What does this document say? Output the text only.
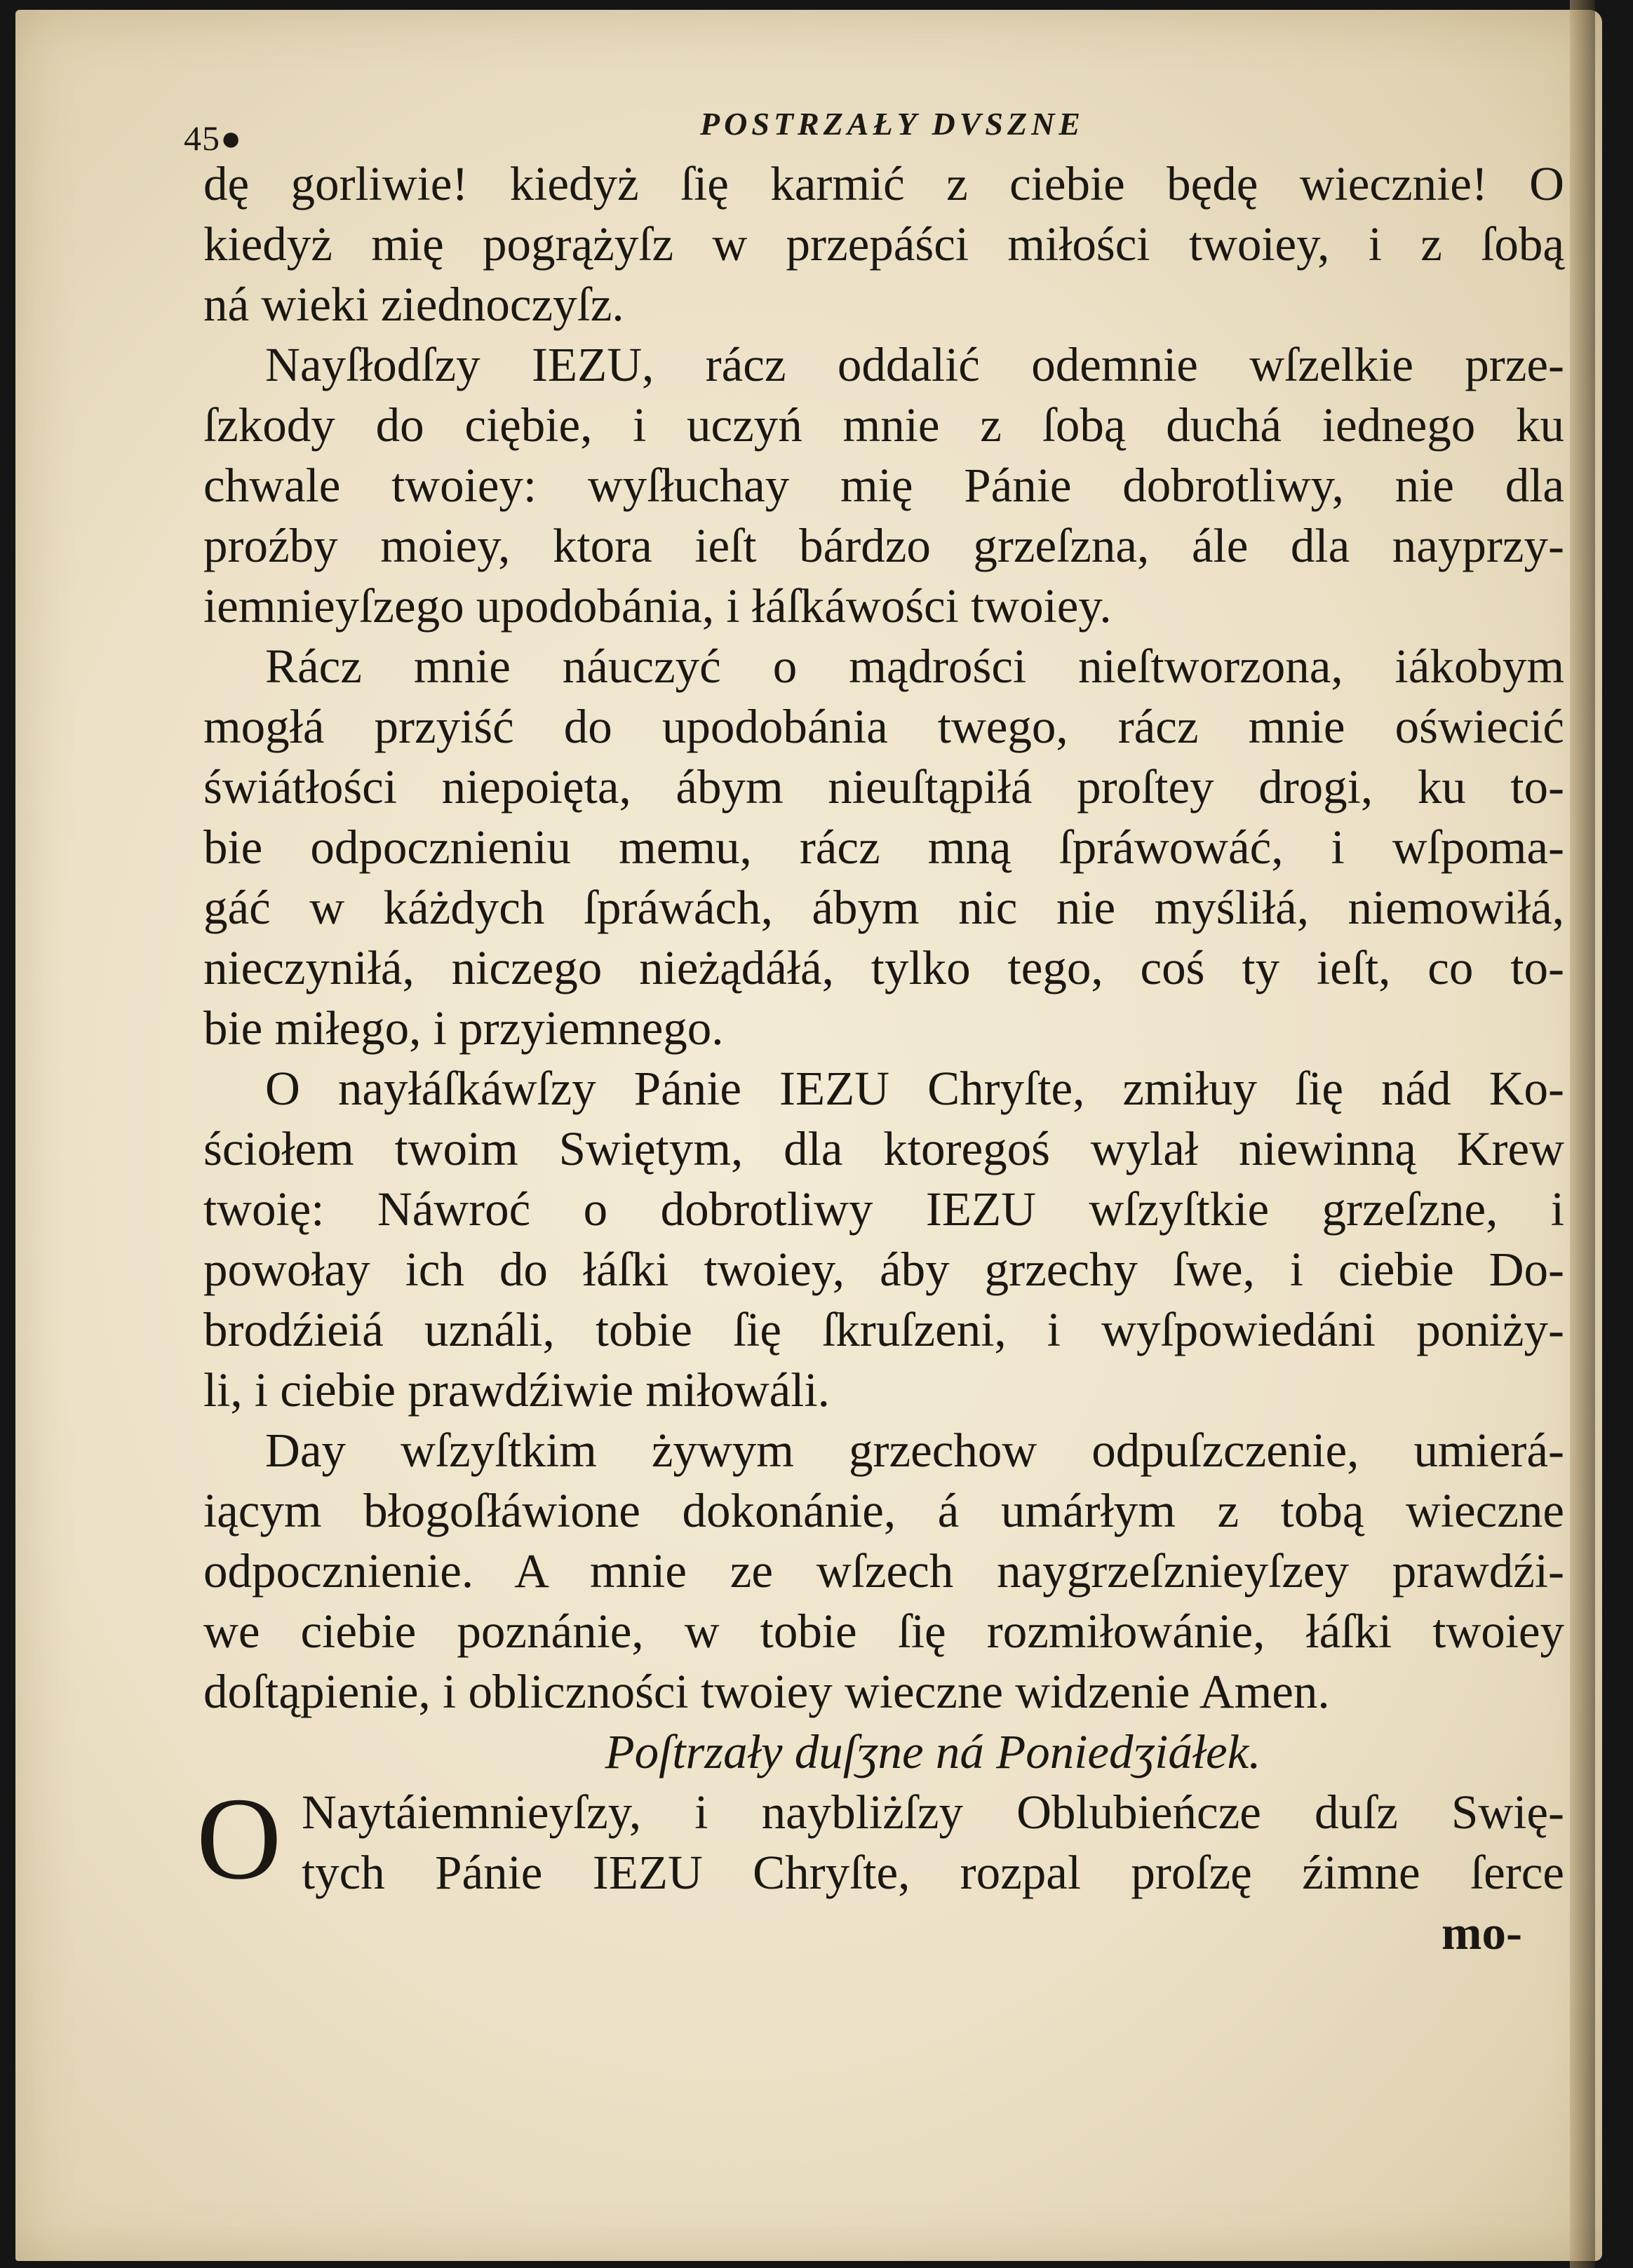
45●	POSTRZAŁY DVSZNE
dę gorliwie! kiedyż ſię karmić z ciebie będę wiecznie! O
kiedyż mię pogrążyſz w przepáści miłości twoiey, i z ſobą
ná wieki ziednoczyſz.
Nayſłodſzy IEZU, rácz oddalić odemnie wſzelkie prze-
ſzkody do ciębie, i uczyń mnie z ſobą duchá iednego ku
chwale twoiey: wyſłuchay mię Pánie dobrotliwy, nie dla
proźby moiey, ktora ieſt bárdzo grzeſzna, ále dla nayprzy-
iemnieyſzego upodobánia, i łáſkáwości twoiey.
Rácz mnie náuczyć o mądrości nieſtworzona, iákobym
mogłá przyiść do upodobánia twego, rácz mnie oświecić
świátłości niepoięta, ábym nieuſtąpiłá proſtey drogi, ku to-
bie odpocznieniu memu, rácz mną ſpráwowáć, i wſpoma-
gáć w káżdych ſpráwách, ábym nic nie myśliłá, niemowiłá,
nieczyniłá, niczego nieżądáłá, tylko tego, coś ty ieſt, co to-
bie miłego, i przyiemnego.
O nayłáſkáwſzy Pánie IEZU Chryſte, zmiłuy ſię nád Ko-
ściołem twoim Swiętym, dla ktoregoś wylał niewinną Krew
twoię: Náwroć o dobrotliwy IEZU wſzyſtkie grzeſzne, i
powołay ich do łáſki twoiey, áby grzechy ſwe, i ciebie Do-
brodźieiá uználi, tobie ſię ſkruſzeni, i wyſpowiedáni poniży-
li, i ciebie prawdźiwie miłowáli.
Day wſzyſtkim żywym grzechow odpuſzczenie, umierá-
iącym błogoſłáwione dokonánie, á umárłym z tobą wieczne
odpocznienie. A mnie ze wſzech naygrzeſznieyſzey prawdźi-
we ciebie poznánie, w tobie ſię rozmiłowánie, łáſki twoiey
doſtąpienie, i obliczności twoiey wieczne widzenie Amen.
Poſtrzały duſʒne ná Poniedʒiáłek.
O Naytáiemnieyſzy, i naybliżſzy Oblubieńcze duſz Swię-
tych Pánie IEZU Chryſte, rozpal proſzę źimne ſerce
mo-
